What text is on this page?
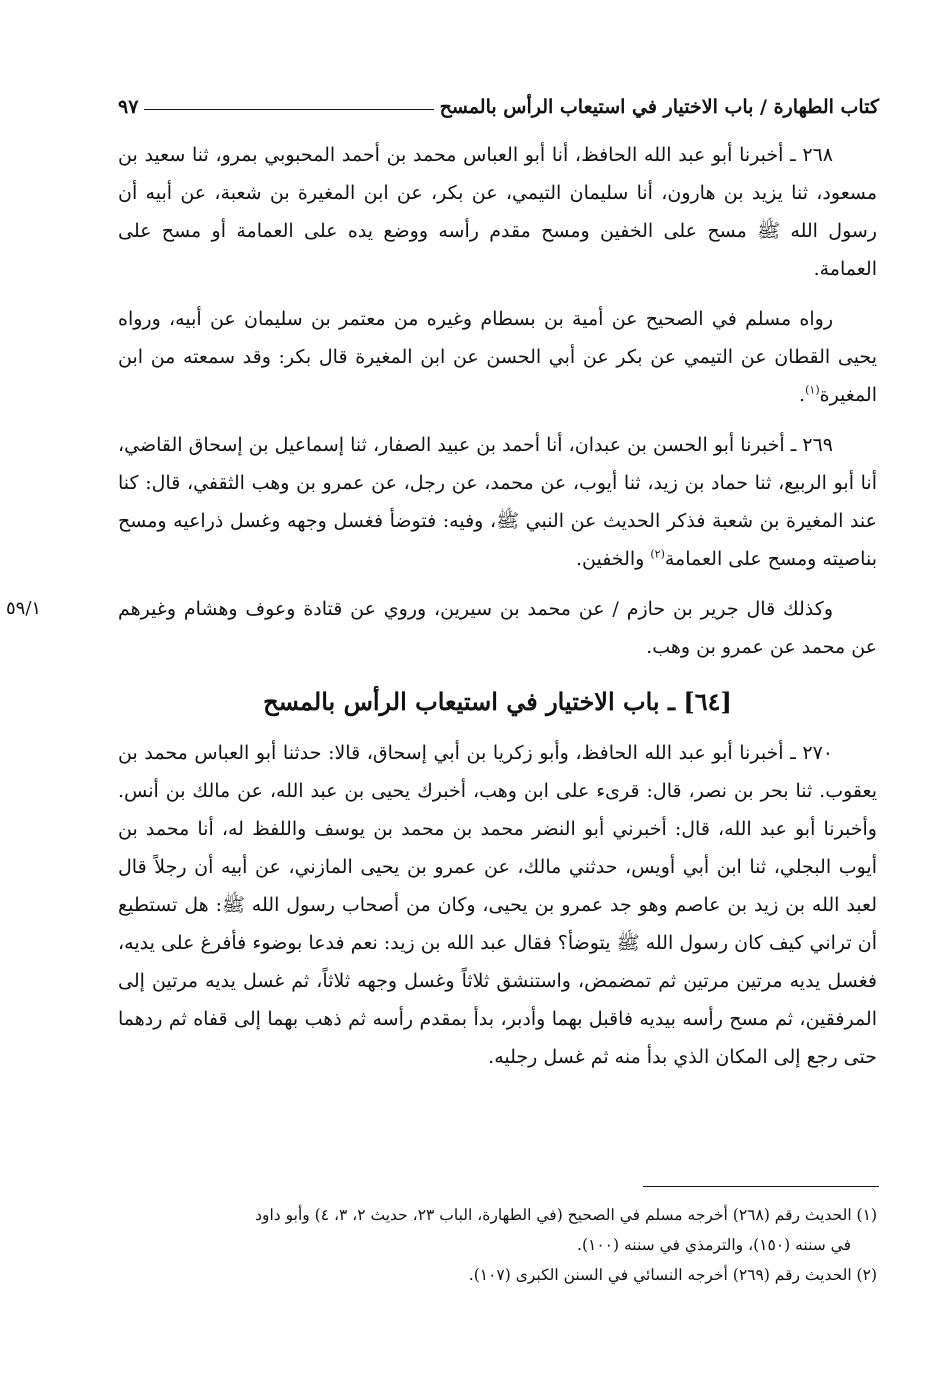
كتاب الطهارة / باب الاختيار في استيعاب الرأس بالمسح
٩٧

٢٦٨ ـ أخبرنا أبو عبد الله الحافظ، أنا أبو العباس محمد بن أحمد المحبوبي بمرو، ثنا سعيد بن مسعود، ثنا يزيد بن هارون، أنا سليمان التيمي، عن بكر، عن ابن المغيرة بن شعبة، عن أبيه أن رسول الله ﷺ مسح على الخفين ومسح مقدم رأسه ووضع يده على العمامة أو مسح على العمامة.

رواه مسلم في الصحيح عن أمية بن بسطام وغيره من معتمر بن سليمان عن أبيه، ورواه يحيى القطان عن التيمي عن بكر عن أبي الحسن عن ابن المغيرة قال بكر: وقد سمعته من ابن المغيرة$^{(١)}$.

٢٦٩ ـ أخبرنا أبو الحسن بن عبدان، أنا أحمد بن عبيد الصفار، ثنا إسماعيل بن إسحاق القاضي، أنا أبو الربيع، ثنا حماد بن زيد، ثنا أيوب، عن محمد، عن رجل، عن عمرو بن وهب الثقفي، قال: كنا عند المغيرة بن شعبة فذكر الحديث عن النبي ﷺ، وفيه: فتوضأ فغسل وجهه وغسل ذراعيه ومسح بناصيته ومسح على العمامة$^{(٢)}$ والخفين.

٥٩/١	وكذلك قال جرير بن حازم / عن محمد بن سيرين، وروي عن قتادة وعوف وهشام وغيرهم عن محمد عن عمرو بن وهب.

[٦٤] ـ باب الاختيار في استيعاب الرأس بالمسح

٢٧٠ ـ أخبرنا أبو عبد الله الحافظ، وأبو زكريا بن أبي إسحاق، قالا: حدثنا أبو العباس محمد بن يعقوب. ثنا بحر بن نصر، قال: قرىء على ابن وهب، أخبرك يحيى بن عبد الله، عن مالك بن أنس. وأخبرنا أبو عبد الله، قال: أخبرني أبو النضر محمد بن محمد بن يوسف واللفظ له، أنا محمد بن أيوب البجلي، ثنا ابن أبي أويس، حدثني مالك، عن عمرو بن يحيى المازني، عن أبيه أن رجلاً قال لعبد الله بن زيد بن عاصم وهو جد عمرو بن يحيى، وكان من أصحاب رسول الله ﷺ: هل تستطيع أن تراني كيف كان رسول الله ﷺ يتوضأ؟ فقال عبد الله بن زيد: نعم فدعا بوضوء فأفرغ على يديه، فغسل يديه مرتين مرتين ثم تمضمض، واستنشق ثلاثاً وغسل وجهه ثلاثاً، ثم غسل يديه مرتين إلى المرفقين، ثم مسح رأسه بيديه فاقبل بهما وأدبر، بدأ بمقدم رأسه ثم ذهب بهما إلى قفاه ثم ردهما حتى رجع إلى المكان الذي بدأ منه ثم غسل رجليه.

(١) الحديث رقم (٢٦٨) أخرجه مسلم في الصحيح (في الطهارة، الباب ٢٣، حديث ٢، ٣، ٤) وأبو داود

في سننه (١٥٠)، والترمذي في سننه (١٠٠).

(٢) الحديث رقم (٢٦٩) أخرجه النسائي في السنن الكبرى (١٠٧).
